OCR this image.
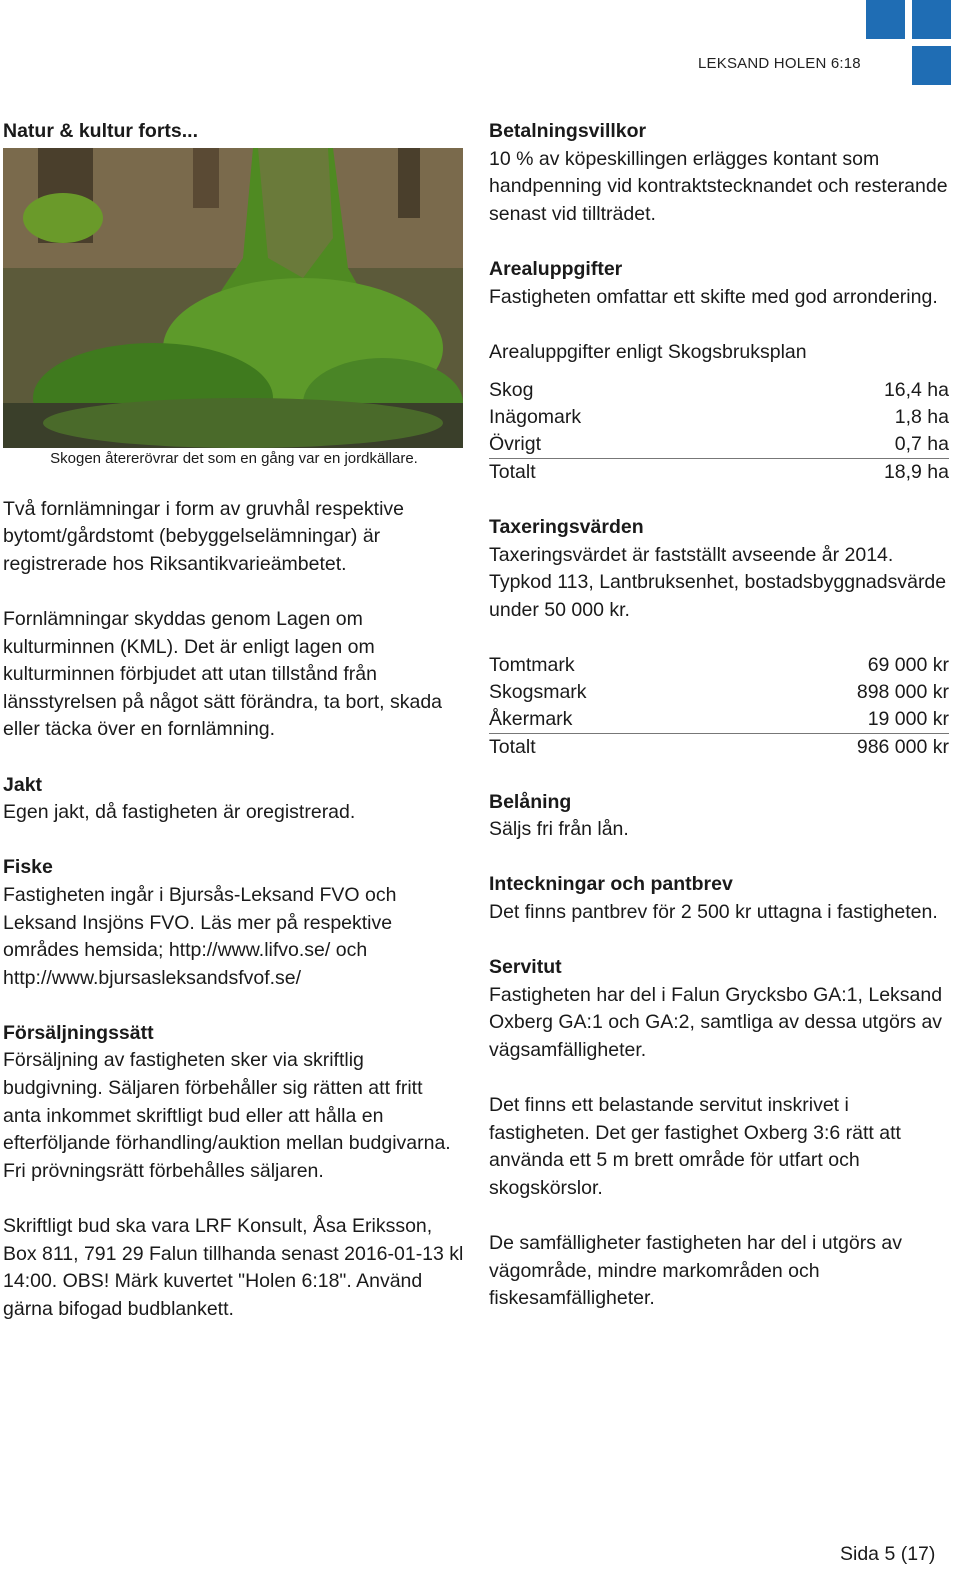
LEKSAND HOLEN 6:18
Natur & kultur forts...

Skogen återerövrar det som en gång var en jordkällare.

Två fornlämningar i form av gruvhål respektive bytomt/gårdstomt (bebyggelselämningar) är registrerade hos Riksantikvarieämbetet.

Fornlämningar skyddas genom Lagen om kulturminnen (KML). Det är enligt lagen om kulturminnen förbjudet att utan tillstånd från länsstyrelsen på något sätt förändra, ta bort, skada eller täcka över en fornlämning.

Jakt

Egen jakt, då fastigheten är oregistrerad.

Fiske

Fastigheten ingår i Bjursås-Leksand FVO och Leksand Insjöns FVO. Läs mer på respektive områdes hemsida; http://www.lifvo.se/ och http://www.bjursasleksandsfvof.se/

Försäljningssätt

Försäljning av fastigheten sker via skriftlig budgivning. Säljaren förbehåller sig rätten att fritt anta inkommet skriftligt bud eller att hålla en efterföljande förhandling/auktion mellan budgivarna. Fri prövningsrätt förbehålles säljaren.

Skriftligt bud ska vara LRF Konsult, Åsa Eriksson, Box 811, 791 29 Falun tillhanda senast 2016-01-13 kl 14:00. OBS! Märk kuvertet "Holen 6:18". Använd gärna bifogad budblankett.

Betalningsvillkor

10 % av köpeskillingen erlägges kontant som handpenning vid kontraktstecknandet och resterande senast vid tillträdet.

Arealuppgifter

Fastigheten omfattar ett skifte med god arrondering.

Arealuppgifter enligt Skogsbruksplan

Skog	16,4 ha
Inägomark	1,8 ha
Övrigt	0,7 ha
Totalt	18,9 ha
Taxeringsvärden

Taxeringsvärdet är fastställt avseende år 2014. Typkod 113, Lantbruksenhet, bostadsbyggnadsvärde under 50 000 kr.

Tomtmark	69 000 kr
Skogsmark	898 000 kr
Åkermark	19 000 kr
Totalt	986 000 kr
Belåning

Säljs fri från lån.

Inteckningar och pantbrev

Det finns pantbrev för 2 500 kr uttagna i fastigheten.

Servitut

Fastigheten har del i Falun Grycksbo GA:1, Leksand Oxberg GA:1 och GA:2, samtliga av dessa utgörs av vägsamfälligheter.

Det finns ett belastande servitut inskrivet i fastigheten. Det ger fastighet Oxberg 3:6 rätt att använda ett 5 m brett område för utfart och skogskörslor.

De samfälligheter fastigheten har del i utgörs av vägområde, mindre markområden och fiskesamfälligheter.

Sida 5 (17)
